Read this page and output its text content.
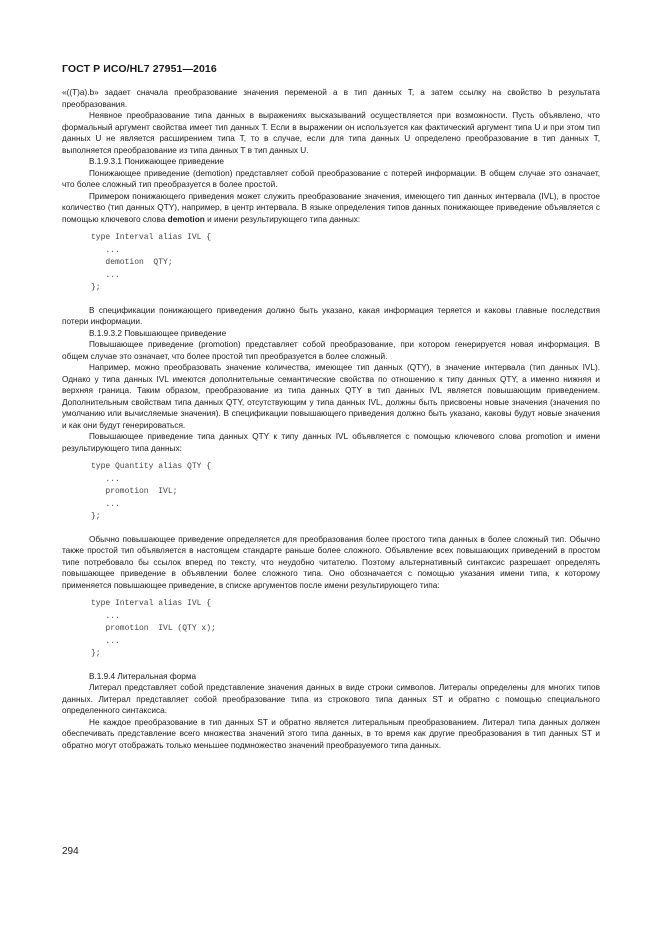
ГОСТ Р ИСО/HL7 27951—2016

«((T)a).b» задает сначала преобразование значения переменой a в тип данных T, а затем ссылку на свойство b результата преобразования.

Неявное преобразование типа данных в выражениях высказываний осуществляется при возможности. Пусть объявлено, что формальный аргумент свойства имеет тип данных T. Если в выражении он используется как фактический аргумент типа U и при этом тип данных U не является расширением типа T, то в случае, если для типа данных U определено преобразование в тип данных T, выполняется преобразование из типа данных T в тип данных U.

B.1.9.3.1 Понижающее приведение

Понижающее приведение (demotion) представляет собой преобразование с потерей информации. В общем случае это означает, что более сложный тип преобразуется в более простой.

Примером понижающего приведения может служить преобразование значения, имеющего тип данных интервала (IVL), в простое количество (тип данных QTY), например, в центр интервала. В языке определения типов данных понижающее приведение объявляется с помощью ключевого слова demotion и имени результирующего типа данных:

type Interval alias IVL {
...
demotion  QTY;
...
};

В спецификации понижающего приведения должно быть указано, какая информация теряется и каковы главные последствия потери информации.

B.1.9.3.2 Повышающее приведение

Повышающее приведение (promotion) представляет собой преобразование, при котором генерируется новая информация. В общем случае это означает, что более простой тип преобразуется в более сложный.

Например, можно преобразовать значение количества, имеющее тип данных (QTY), в значение интервала (тип данных IVL). Однако у типа данных IVL имеются дополнительные семантические свойства по отношению к типу данных QTY, а именно нижняя и верхняя граница. Таким образом, преобразование из типа данных QTY в тип данных IVL является повышающим приведением. Дополнительным свойствам типа данных QTY, отсутствующим у типа данных IVL, должны быть присвоены новые значения (значения по умолчанию или вычисляемые значения). В спецификации повышающего приведения должно быть указано, каковы будут новые значения и как они будут генерироваться.

Повышающее приведение типа данных QTY к типу данных IVL объявляется с помощью ключевого слова promotion и имени результирующего типа данных:

type Quantity alias QTY {
...
promotion  IVL;
...
};

Обычно повышающее приведение определяется для преобразования более простого типа данных в более сложный тип. Обычно также простой тип объявляется в настоящем стандарте раньше более сложного. Объявление всех повышающих приведений в простом типе потребовало бы ссылок вперед по тексту, что неудобно читателю. Поэтому альтернативный синтаксис разрешает определять повышающее приведение в объявлении более сложного типа. Оно обозначается с помощью указания имени типа, к которому применяется повышающее приведение, в списке аргументов после имени результирующего типа:

type Interval alias IVL {
...
promotion  IVL (QTY x);
...
};

B.1.9.4 Литеральная форма

Литерал представляет собой представление значения данных в виде строки символов. Литералы определены для многих типов данных. Литерал представляет собой преобразование типа из строкового типа данных ST и обратно с помощью специального определенного синтаксиса.

Не каждое преобразование в тип данных ST и обратно является литеральным преобразованием. Литерал типа данных должен обеспечивать представление всего множества значений этого типа данных, в то время как другие преобразования в тип данных ST и обратно могут отображать только меньшее подмножество значений преобразуемого типа данных.

294
